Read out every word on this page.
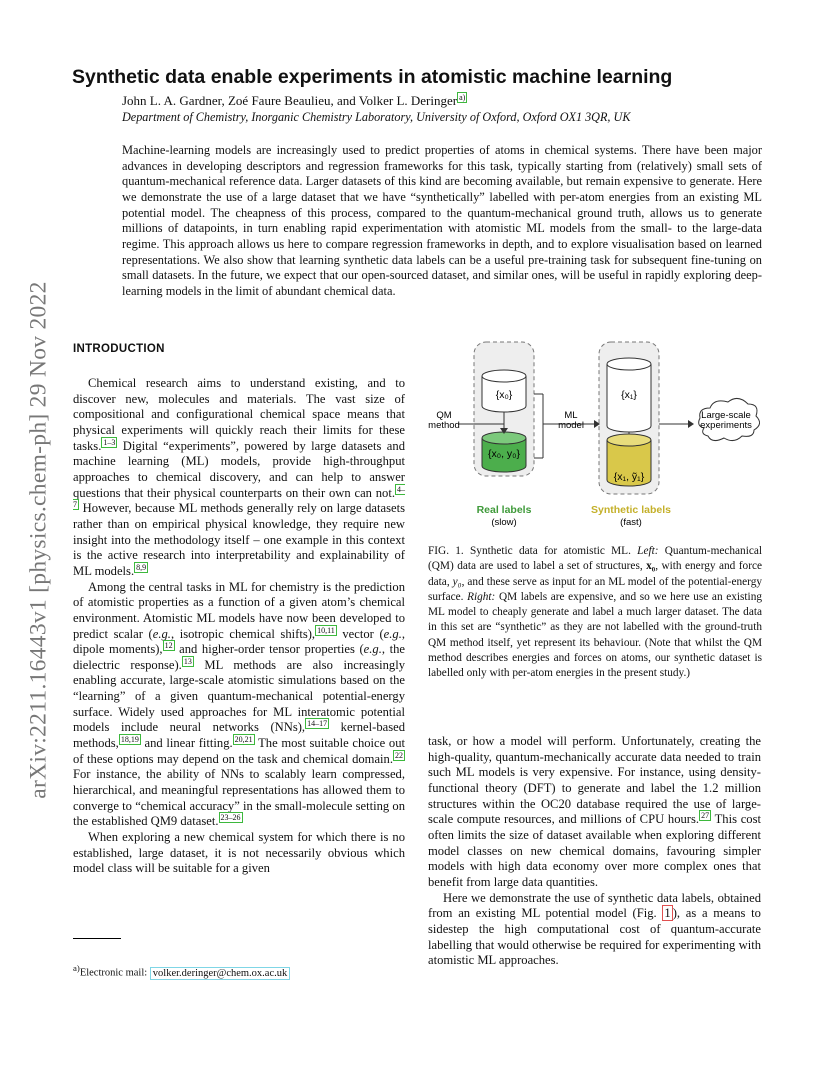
arXiv:2211.16443v1 [physics.chem-ph] 29 Nov 2022
Synthetic data enable experiments in atomistic machine learning
John L. A. Gardner, Zoé Faure Beaulieu, and Volker L. Deringer $^{a)}$
Department of Chemistry, Inorganic Chemistry Laboratory, University of Oxford, Oxford OX1 3QR, UK

Machine-learning models are increasingly used to predict properties of atoms in chemical systems. There have been major advances in developing descriptors and regression frameworks for this task, typically starting from (relatively) small sets of quantum-mechanical reference data. Larger datasets of this kind are becoming available, but remain expensive to generate. Here we demonstrate the use of a large dataset that we have “synthetically” labelled with per-atom energies from an existing ML potential model. The cheapness of this process, compared to the quantum-mechanical ground truth, allows us to generate millions of datapoints, in turn enabling rapid experimentation with atomistic ML models from the small- to the large-data regime. This approach allows us here to compare regression frameworks in depth, and to explore visualisation based on learned representations. We also show that learning synthetic data labels can be a useful pre-training task for subsequent fine-tuning on small datasets. In the future, we expect that our open-sourced dataset, and similar ones, will be useful in rapidly exploring deep-learning models in the limit of abundant chemical data.

INTRODUCTION

Chemical research aims to understand existing, and to discover new, molecules and materials. The vast size of compositional and configurational chemical space means that physical experiments will quickly reach their limits for these tasks. $^{1-3}$ Digital “experiments”, powered by large datasets and machine learning (ML) models, provide high-throughput approaches to chemical discovery, and can help to answer questions that their physical counterparts on their own can not. $^{4-7}$ However, because ML methods generally rely on large datasets rather than on empirical physical knowledge, they require new insight into the methodology itself – one example in this context is the active research into interpretability and explainability of ML models. $^{8,9}$

Among the central tasks in ML for chemistry is the prediction of atomistic properties as a function of a given atom’s chemical environment. Atomistic ML models have now been developed to predict scalar (e.g., isotropic chemical shifts), $^{10,11}$ vector (e.g., dipole moments), $^{12}$ and higher-order tensor properties (e.g., the dielectric response). $^{13}$ ML methods are also increasingly enabling accurate, large-scale atomistic simulations based on the “learning” of a given quantum-mechanical potential-energy surface. Widely used approaches for ML interatomic potential models include neural networks (NNs), $^{14-17}$ kernel-based methods, $^{18,19}$ and linear fitting. $^{20,21}$ The most suitable choice out of these options may depend on the task and chemical domain. $^{22}$ For instance, the ability of NNs to scalably learn compressed, hierarchical, and meaningful representations has allowed them to converge to “chemical accuracy” in the small-molecule setting on the established QM9 dataset. $^{23-26}$

When exploring a new chemical system for which there is no established, large dataset, it is not necessarily obvious which model class will be suitable for a given

{x₀}
{x₀, y₀}
{x₁}
{x₁, ỹ₁}
QM
method
ML
model
Large-scale
experiments
Real labels
(slow)
Synthetic labels
(fast)

FIG. 1. Synthetic data for atomistic ML. Left: Quantum-mechanical (QM) data are used to label a set of structures, x₀, with energy and force data, y₀, and these serve as input for an ML model of the potential-energy surface. Right: QM labels are expensive, and so we here use an existing ML model to cheaply generate and label a much larger dataset. The data in this set are “synthetic” as they are not labelled with the ground-truth QM method itself, yet represent its behaviour. (Note that whilst the QM method describes energies and forces on atoms, our synthetic dataset is labelled only with per-atom energies in the present study.)

task, or how a model will perform. Unfortunately, creating the high-quality, quantum-mechanically accurate data needed to train such ML models is very expensive. For instance, using density-functional theory (DFT) to generate and label the 1.2 million structures within the OC20 database required the use of large-scale compute resources, and millions of CPU hours. $^{27}$ This cost often limits the size of dataset available when exploring different model classes on new chemical domains, favouring simpler models with high data economy over more complex ones that benefit from large data quantities.

Here we demonstrate the use of synthetic data labels, obtained from an existing ML potential model (Fig. 1 ), as a means to sidestep the high computational cost of quantum-accurate labelling that would otherwise be required for experimenting with atomistic ML approaches.

$^{a)}$Electronic mail: volker.deringer@chem.ox.ac.uk
